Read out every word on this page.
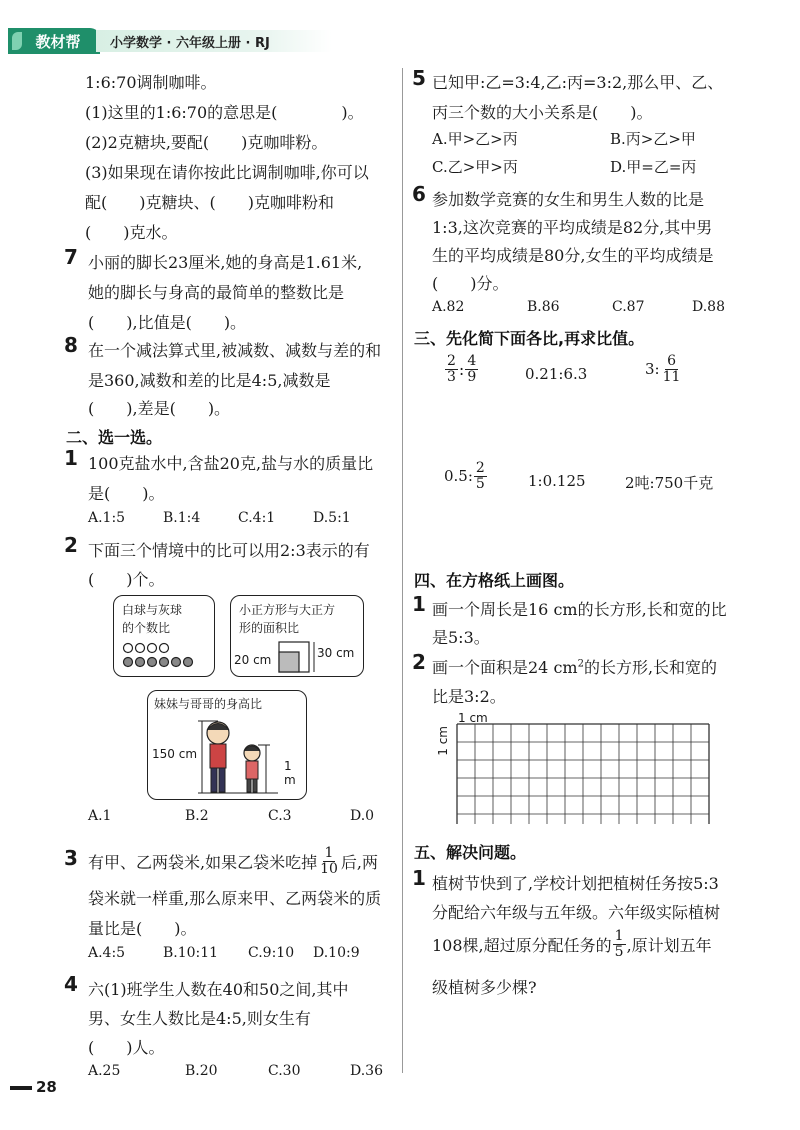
教材帮	小学数学 · 六年级上册 · RJ
1:6:70调制咖啡。
(1)这里的1:6:70的意思是(　　　　)。
(2)2克糖块,要配(　　)克咖啡粉。
(3)如果现在请你按此比调制咖啡,你可以
配(　　)克糖块、(　　)克咖啡粉和
(　　)克水。
7 小丽的脚长23厘米,她的身高是1.61米,
她的脚长与身高的最简单的整数比是
(　　),比值是(　　)。
8 在一个减法算式里,被减数、减数与差的和
是360,减数和差的比是4:5,减数是
(　　),差是(　　)。
二、选一选。
1 100克盐水中,含盐20克,盐与水的质量比
是(　　)。
A.1:5	B.1:4	C.4:1	D.5:1
2 下面三个情境中的比可以用2:3表示的有
(　　)个。
白球与灰球
的个数比
小正方形与大正方
形的面积比
20 cm	30 cm
妹妹与哥哥的身高比
150 cm
1 m
A.1	B.2	C.3	D.0
3 有甲、乙两袋米,如果乙袋米吃掉 $\frac{1}{10}$ 后,两
袋米就一样重,那么原来甲、乙两袋米的质
量比是(　　)。
A.4:5	B.10:11 C.9:10 D.10:9
4 六(1)班学生人数在40和50之间,其中
男、女生人数比是4:5,则女生有
(　　)人。
A.25	B.20	C.30	D.36
28
5 已知甲:乙=3:4,乙:丙=3:2,那么甲、乙、
丙三个数的大小关系是(　　)。
A.甲>乙>丙	B.丙>乙>甲
C.乙>甲>丙	D.甲=乙=丙
6 参加数学竞赛的女生和男生人数的比是
1:3,这次竞赛的平均成绩是82分,其中男
生的平均成绩是80分,女生的平均成绩是
(　　)分。
A.82	B.86	C.87	D.88
三、先化简下面各比,再求比值。
$\frac{2}{3}$ : $\frac{4}{9}$	0.21:6.3	3: $\frac{6}{11}$
0.5: $\frac{2}{5}$	1:0.125	2吨:750千克
四、在方格纸上画图。
1 画一个周长是16 cm的长方形,长和宽的比
是5:3。
2 画一个面积是24 $cm^2$的长方形,长和宽的
比是3:2。
1 cm
1 cm
五、解决问题。
1 植树节快到了,学校计划把植树任务按5:3
分配给六年级与五年级。六年级实际植树
108棵,超过原分配任务的 $\frac{1}{5}$ ,原计划五年
级植树多少棵?
